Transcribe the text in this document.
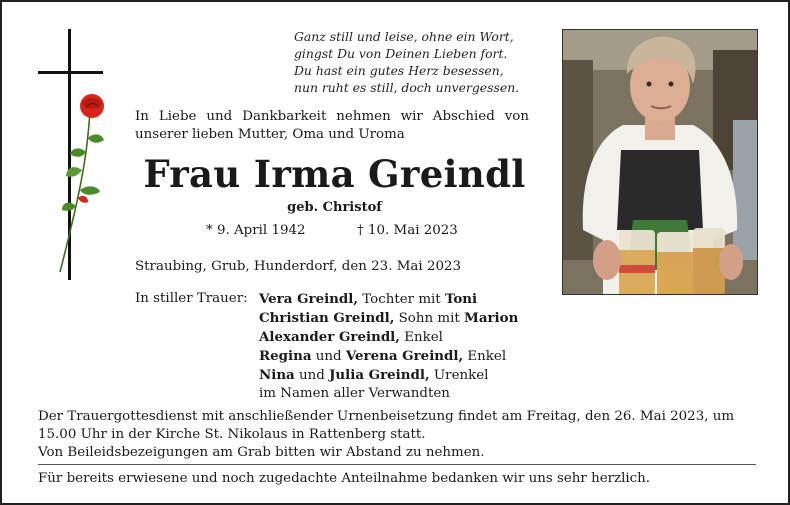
Ganz still und leise, ohne ein Wort,
gingst Du von Deinen Lieben fort.
Du hast ein gutes Herz besessen,
nun ruht es still, doch unvergessen.
In Liebe und Dankbarkeit nehmen wir Abschied von
unserer lieben Mutter, Oma und Uroma
Frau Irma Greindl
geb. Christof
* 9. April 1942	† 10. Mai 2023
Straubing, Grub, Hunderdorf, den 23. Mai 2023
In stiller Trauer: Vera Greindl, Tochter mit Toni
Christian Greindl, Sohn mit Marion
Alexander Greindl, Enkel
Regina und Verena Greindl, Enkel
Nina und Julia Greindl, Urenkel
im Namen aller Verwandten
Der Trauergottesdienst mit anschließender Urnenbeisetzung findet am Freitag, den 26. Mai 2023, um
15.00 Uhr in der Kirche St. Nikolaus in Rattenberg statt.
Von Beileidsbezeigungen am Grab bitten wir Abstand zu nehmen.
Für bereits erwiesene und noch zugedachte Anteilnahme bedanken wir uns sehr herzlich.
